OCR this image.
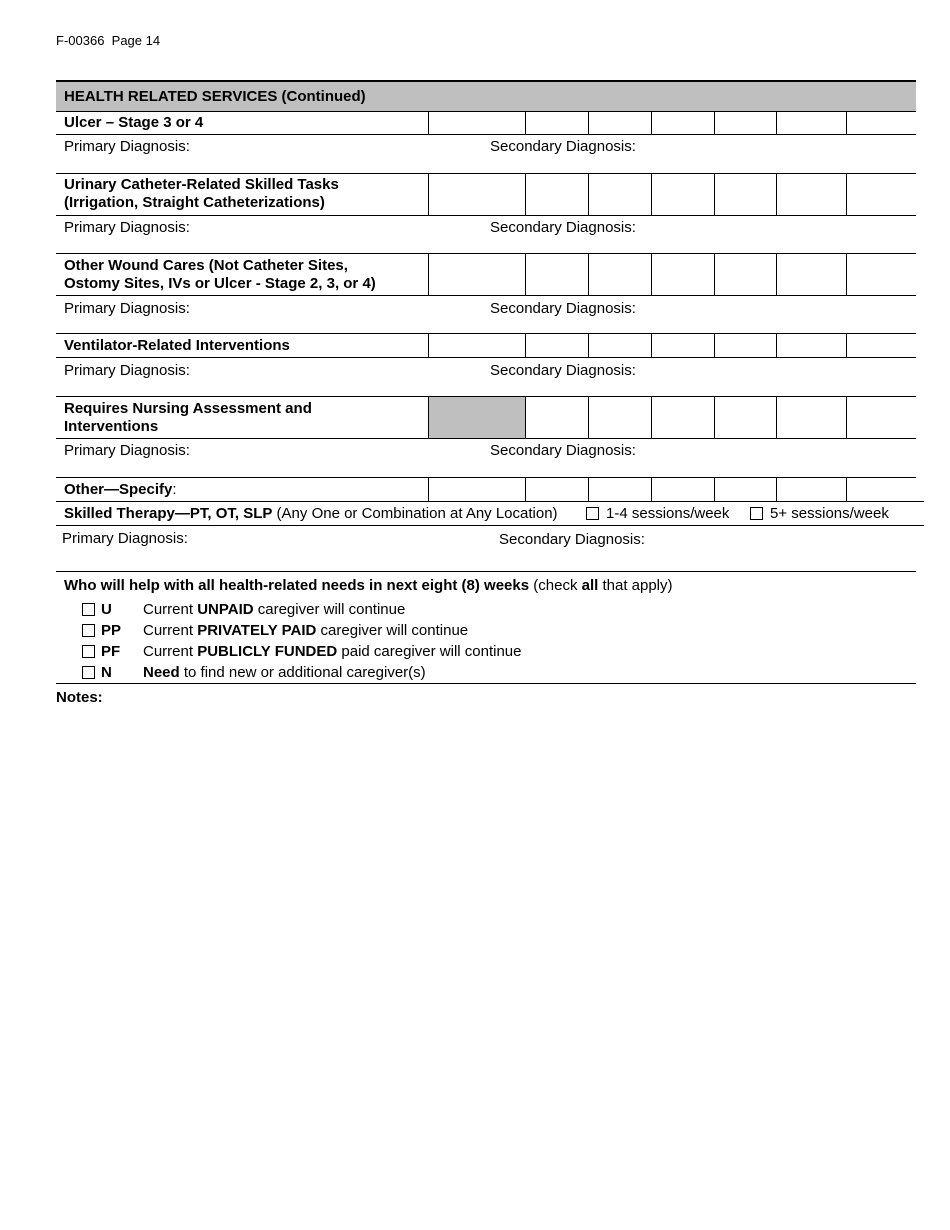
F-00366 Page 14
HEALTH RELATED SERVICES (Continued)
Ulcer – Stage 3 or 4
Primary Diagnosis:	Secondary Diagnosis:
Urinary Catheter-Related Skilled Tasks
(Irrigation, Straight Catheterizations)
Primary Diagnosis:	Secondary Diagnosis:
Other Wound Cares (Not Catheter Sites,
Ostomy Sites, IVs or Ulcer - Stage 2, 3, or 4)
Primary Diagnosis:	Secondary Diagnosis:
Ventilator-Related Interventions
Primary Diagnosis:	Secondary Diagnosis:
Requires Nursing Assessment and
Interventions
Primary Diagnosis:	Secondary Diagnosis:
Other—Specify:
Skilled Therapy—PT, OT, SLP (Any One or Combination at Any Location)	1-4 sessions/week	5+ sessions/week
Primary Diagnosis:	Secondary Diagnosis:
Who will help with all health-related needs in next eight (8) weeks (check all that apply)
U Current UNPAID caregiver will continue
PP Current PRIVATELY PAID caregiver will continue
PF Current PUBLICLY FUNDED paid caregiver will continue
N Need to find new or additional caregiver(s)
Notes:
